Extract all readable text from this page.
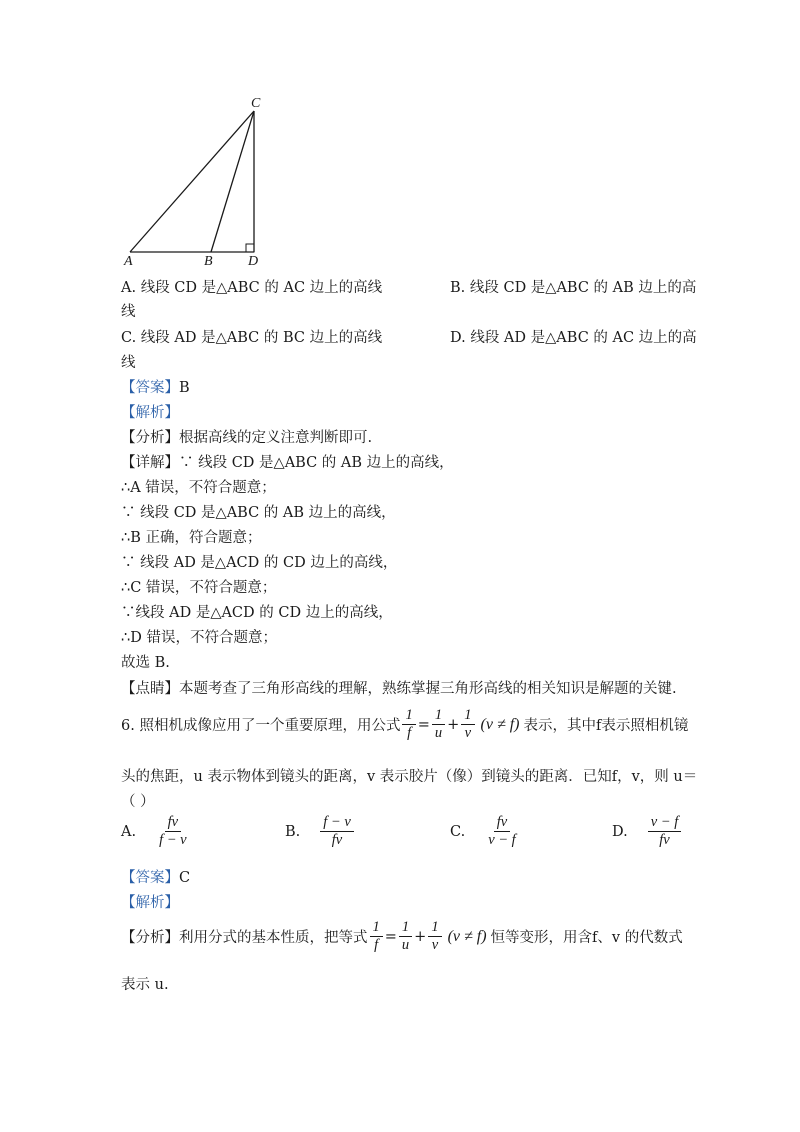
C
A	B	D
A. 线段 CD 是△ABC 的 AC 边上的高线	B. 线段 CD 是△ABC 的 AB 边上的高
线
C. 线段 AD 是△ABC 的 BC 边上的高线	D. 线段 AD 是△ABC 的 AC 边上的高
线
【答案】B
【解析】
【分析】根据高线的定义注意判断即可.
【详解】∵ 线段 CD 是△ABC 的 AB 边上的高线，
∴A 错误，不符合题意；
∵ 线段 CD 是△ABC 的 AB 边上的高线，
∴B 正确，符合题意；
∵ 线段 AD 是△ACD 的 CD 边上的高线，
∴C 错误，不符合题意；
∵线段 AD 是△ACD 的 CD 边上的高线，
∴D 错误，不符合题意；
故选 B.
【点睛】本题考查了三角形高线的理解，熟练掌握三角形高线的相关知识是解题的关键.
6. 照相机成像应用了一个重要原理，用公式 $\frac{1}{f} = \frac{1}{u} + \frac{1}{v} (v \ne f)$ 表示，其中f表示照相机镜
头的焦距，u 表示物体到镜头的距离，v 表示胶片（像）到镜头的距离．已知f，v，则 u＝
（ ）
A. $\frac{fv}{f - v}$	B. $\frac{f - v}{fv}$	C. $\frac{fv}{v - f}$	D. $\frac{v - f}{fv}$
【答案】C
【解析】
【分析】 利用分式的基本性质，把等式 $\frac{1}{f} = \frac{1}{u} + \frac{1}{v} (v \ne f)$ 恒等变形，用含f、v 的代数式
表示 u.
